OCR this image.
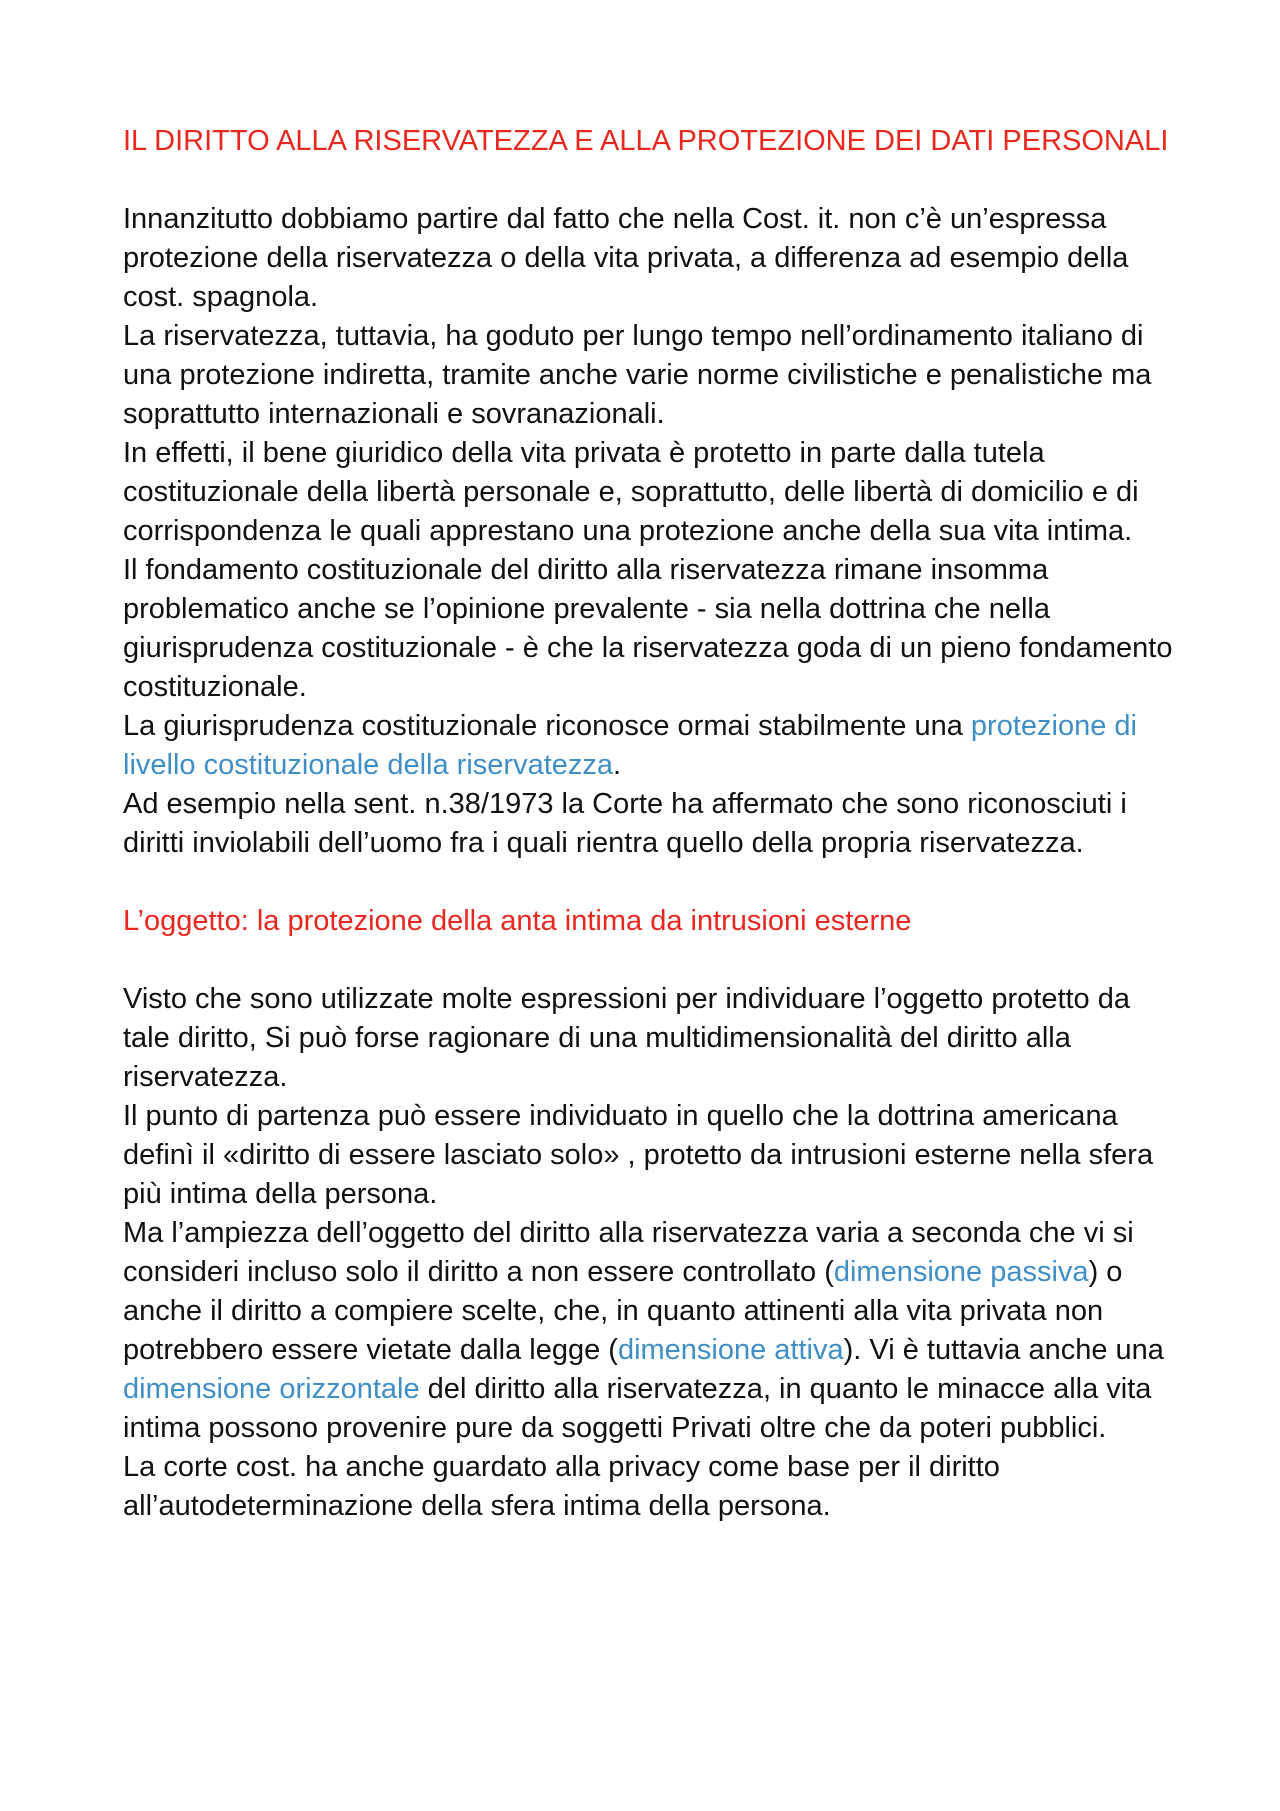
IL DIRITTO ALLA RISERVATEZZA E ALLA PROTEZIONE DEI DATI PERSONALI

Innanzitutto dobbiamo partire dal fatto che nella Cost. it. non c’è un’espressa protezione della riservatezza o della vita privata, a differenza ad esempio della cost. spagnola.

La riservatezza, tuttavia, ha goduto per lungo tempo nell’ordinamento italiano di una protezione indiretta, tramite anche varie norme civilistiche e penalistiche ma soprattutto internazionali e sovranazionali.

In effetti, il bene giuridico della vita privata è protetto in parte dalla tutela costituzionale della libertà personale e, soprattutto, delle libertà di domicilio e di corrispondenza le quali apprestano una protezione anche della sua vita intima.

Il fondamento costituzionale del diritto alla riservatezza rimane insomma problematico anche se l’opinione prevalente - sia nella dottrina che nella giurisprudenza costituzionale - è che la riservatezza goda di un pieno fondamento costituzionale.

La giurisprudenza costituzionale riconosce ormai stabilmente una protezione di livello costituzionale della riservatezza.

Ad esempio nella sent. n.38/1973 la Corte ha affermato che sono riconosciuti i diritti inviolabili dell’uomo fra i quali rientra quello della propria riservatezza.

L’oggetto: la protezione della anta intima da intrusioni esterne

Visto che sono utilizzate molte espressioni per individuare l’oggetto protetto da tale diritto, Si può forse ragionare di una multidimensionalità del diritto alla riservatezza.

Il punto di partenza può essere individuato in quello che la dottrina americana definì il «diritto di essere lasciato solo» , protetto da intrusioni esterne nella sfera più intima della persona.

Ma l’ampiezza dell’oggetto del diritto alla riservatezza varia a seconda che vi si consideri incluso solo il diritto a non essere controllato (dimensione passiva) o anche il diritto a compiere scelte, che, in quanto attinenti alla vita privata non potrebbero essere vietate dalla legge (dimensione attiva). Vi è tuttavia anche una dimensione orizzontale del diritto alla riservatezza, in quanto le minacce alla vita intima possono provenire pure da soggetti Privati oltre che da poteri pubblici.

La corte cost. ha anche guardato alla privacy come base per il diritto all’autodeterminazione della sfera intima della persona.
